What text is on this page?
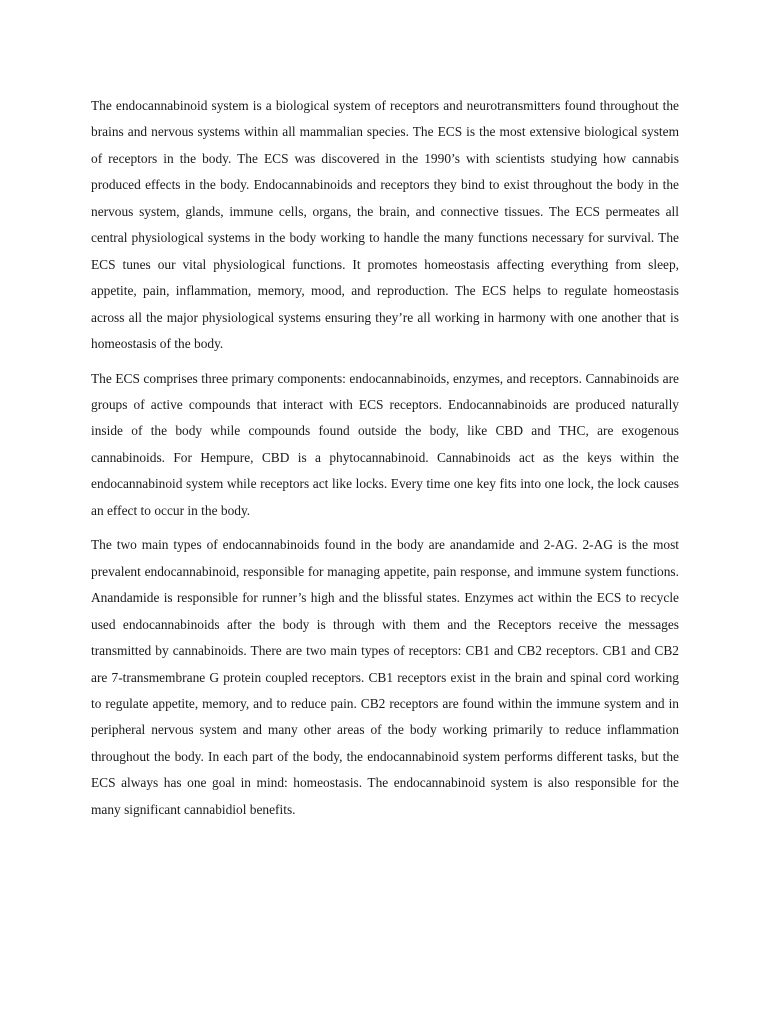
The endocannabinoid system is a biological system of receptors and neurotransmitters found throughout the brains and nervous systems within all mammalian species. The ECS is the most extensive biological system of receptors in the body. The ECS was discovered in the 1990’s with scientists studying how cannabis produced effects in the body. Endocannabinoids and receptors they bind to exist throughout the body in the nervous system, glands, immune cells, organs, the brain, and connective tissues. The ECS permeates all central physiological systems in the body working to handle the many functions necessary for survival. The ECS tunes our vital physiological functions. It promotes homeostasis affecting everything from sleep, appetite, pain, inflammation, memory, mood, and reproduction. The ECS helps to regulate homeostasis across all the major physiological systems ensuring they’re all working in harmony with one another that is homeostasis of the body.

The ECS comprises three primary components: endocannabinoids, enzymes, and receptors. Cannabinoids are groups of active compounds that interact with ECS receptors. Endocannabinoids are produced naturally inside of the body while compounds found outside the body, like CBD and THC, are exogenous cannabinoids. For Hempure, CBD is a phytocannabinoid. Cannabinoids act as the keys within the endocannabinoid system while receptors act like locks. Every time one key fits into one lock, the lock causes an effect to occur in the body.

The two main types of endocannabinoids found in the body are anandamide and 2-AG. 2-AG is the most prevalent endocannabinoid, responsible for managing appetite, pain response, and immune system functions. Anandamide is responsible for runner’s high and the blissful states. Enzymes act within the ECS to recycle used endocannabinoids after the body is through with them and the Receptors receive the messages transmitted by cannabinoids. There are two main types of receptors: CB1 and CB2 receptors. CB1 and CB2 are 7-transmembrane G protein coupled receptors. CB1 receptors exist in the brain and spinal cord working to regulate appetite, memory, and to reduce pain. CB2 receptors are found within the immune system and in peripheral nervous system and many other areas of the body working primarily to reduce inflammation throughout the body. In each part of the body, the endocannabinoid system performs different tasks, but the ECS always has one goal in mind: homeostasis. The endocannabinoid system is also responsible for the many significant cannabidiol benefits.
